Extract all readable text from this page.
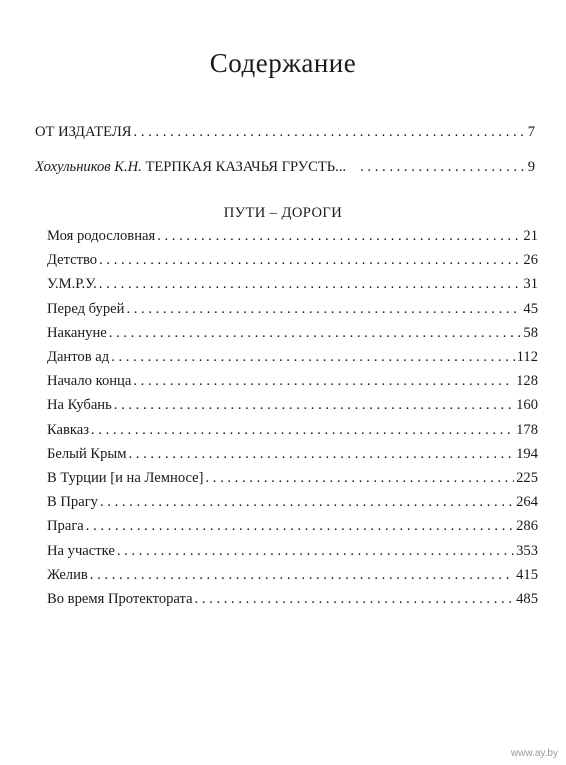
Содержание
ОТ ИЗДАТЕЛЯ . . .	7
Хохульников К.Н. ТЕРПКАЯ КАЗАЧЬЯ ГРУСТЬ... . . .	9
ПУТИ – ДОРОГИ
Моя родословная . . .	21
Детство . . .	26
У.М.Р.У. . . .	31
Перед бурей . . .	45
Накануне . . .	58
Дантов ад . . .	112
Начало конца . . .	128
На Кубань . . .	160
Кавказ . . .	178
Белый Крым . . .	194
В Турции [и на Лемносе] . . .	225
В Прагу . . .	264
Прага . . .	286
На участке . . .	353
Желив . . .	415
Во время Протектората . . .	485
www.ay.by
